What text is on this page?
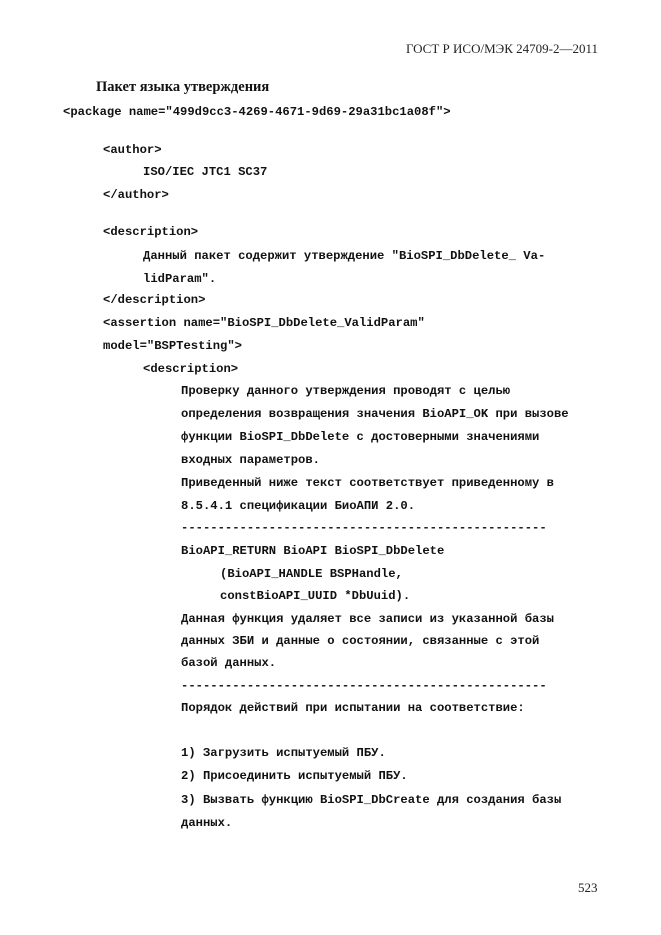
ГОСТ Р ИСО/МЭК 24709-2—2011
Пакет языка утверждения
<package name="499d9cc3-4269-4671-9d69-29a31bc1a08f">
<author>
ISO/IEC JTC1 SC37
</author>
<description>
Данный пакет содержит утверждение "BioSPI_DbDelete_ Va-
lidParam".
</description>
<assertion name="BioSPI_DbDelete_ValidParam"
model="BSPTesting">
<description>
Проверку данного утверждения проводят с целью
определения возвращения значения BioAPI_OK при вызове
функции BioSPI_DbDelete с достоверными значениями
входных параметров.
Приведенный ниже текст соответствует приведенному в
8.5.4.1 спецификации БиоАПИ 2.0.
--------------------------------------------------
BioAPI_RETURN BioAPI BioSPI_DbDelete
(BioAPI_HANDLE BSPHandle,
constBioAPI_UUID *DbUuid).
Данная функция удаляет все записи из указанной базы
данных ЗБИ и данные о состоянии, связанные с этой
базой данных.
--------------------------------------------------
Порядок действий при испытании на соответствие:
1) Загрузить испытуемый ПБУ.
2) Присоединить испытуемый ПБУ.
3) Вызвать функцию BioSPI_DbCreate для создания базы
данных.
523
